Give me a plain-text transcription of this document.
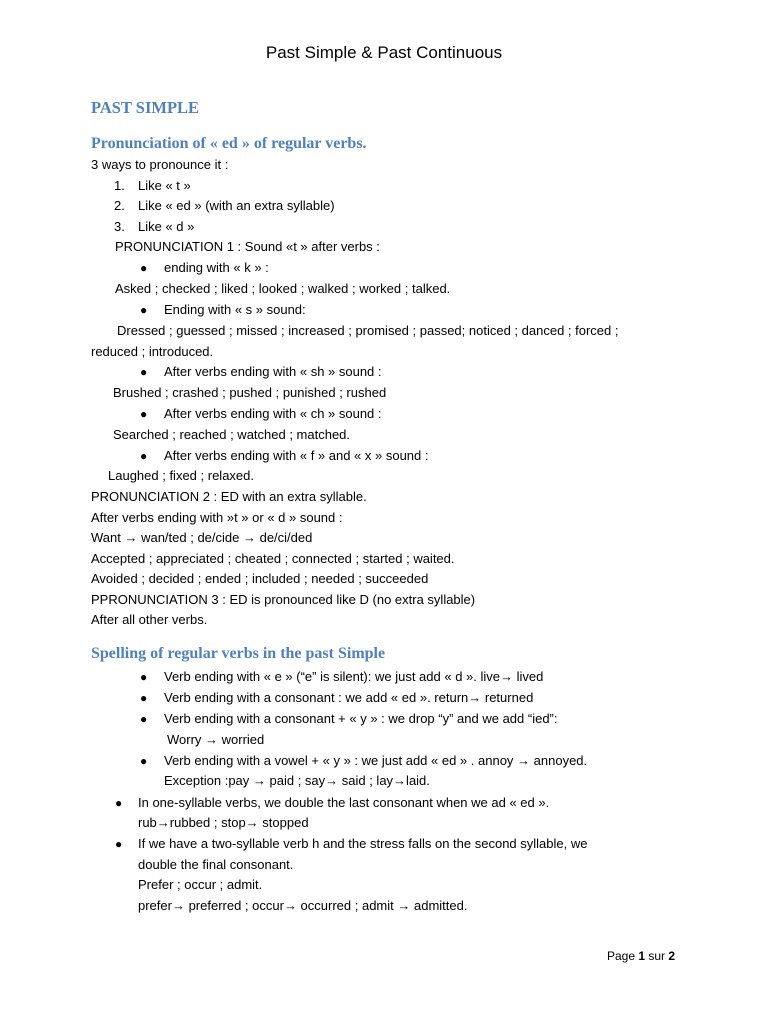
Past Simple & Past Continuous
PAST SIMPLE
Pronunciation of « ed » of regular verbs.
3 ways to pronounce it :
1. Like « t »
2. Like « ed » (with an extra syllable)
3. Like « d »
PRONUNCIATION 1 : Sound «t » after verbs :
● ending with « k » :
Asked ; checked ; liked ; looked ; walked ; worked ; talked.
● Ending with « s » sound:
Dressed ; guessed ; missed ; increased ; promised ; passed; noticed ; danced ; forced ;
reduced ; introduced.
● After verbs ending with « sh » sound :
Brushed ; crashed ; pushed ; punished ; rushed
● After verbs ending with « ch » sound :
Searched ; reached ; watched ; matched.
● After verbs ending with « f » and « x » sound :
Laughed ; fixed ; relaxed.
PRONUNCIATION 2 : ED with an extra syllable.
After verbs ending with »t » or « d » sound :
Want → wan/ted ; de/cide → de/ci/ded
Accepted ; appreciated ; cheated ; connected ; started ; waited.
Avoided ; decided ; ended ; included ; needed ; succeeded
PPRONUNCIATION 3 : ED is pronounced like D (no extra syllable)
After all other verbs.
Spelling of regular verbs in the past Simple
● Verb ending with « e » (“e” is silent): we just add « d ». live→ lived
● Verb ending with a consonant : we add « ed ». return→ returned
● Verb ending with a consonant + « y » : we drop “y” and we add “ied”:
Worry → worried
● Verb ending with a vowel + « y » : we just add « ed » . annoy → annoyed.
Exception :pay → paid ; say→ said ; lay→laid.
● In one-syllable verbs, we double the last consonant when we ad « ed ».
rub→rubbed ; stop→ stopped
● If we have a two-syllable verb h and the stress falls on the second syllable, we
double the final consonant.
Prefer ; occur ; admit.
prefer→ preferred ; occur→ occurred ; admit → admitted.
Page 1 sur 2
